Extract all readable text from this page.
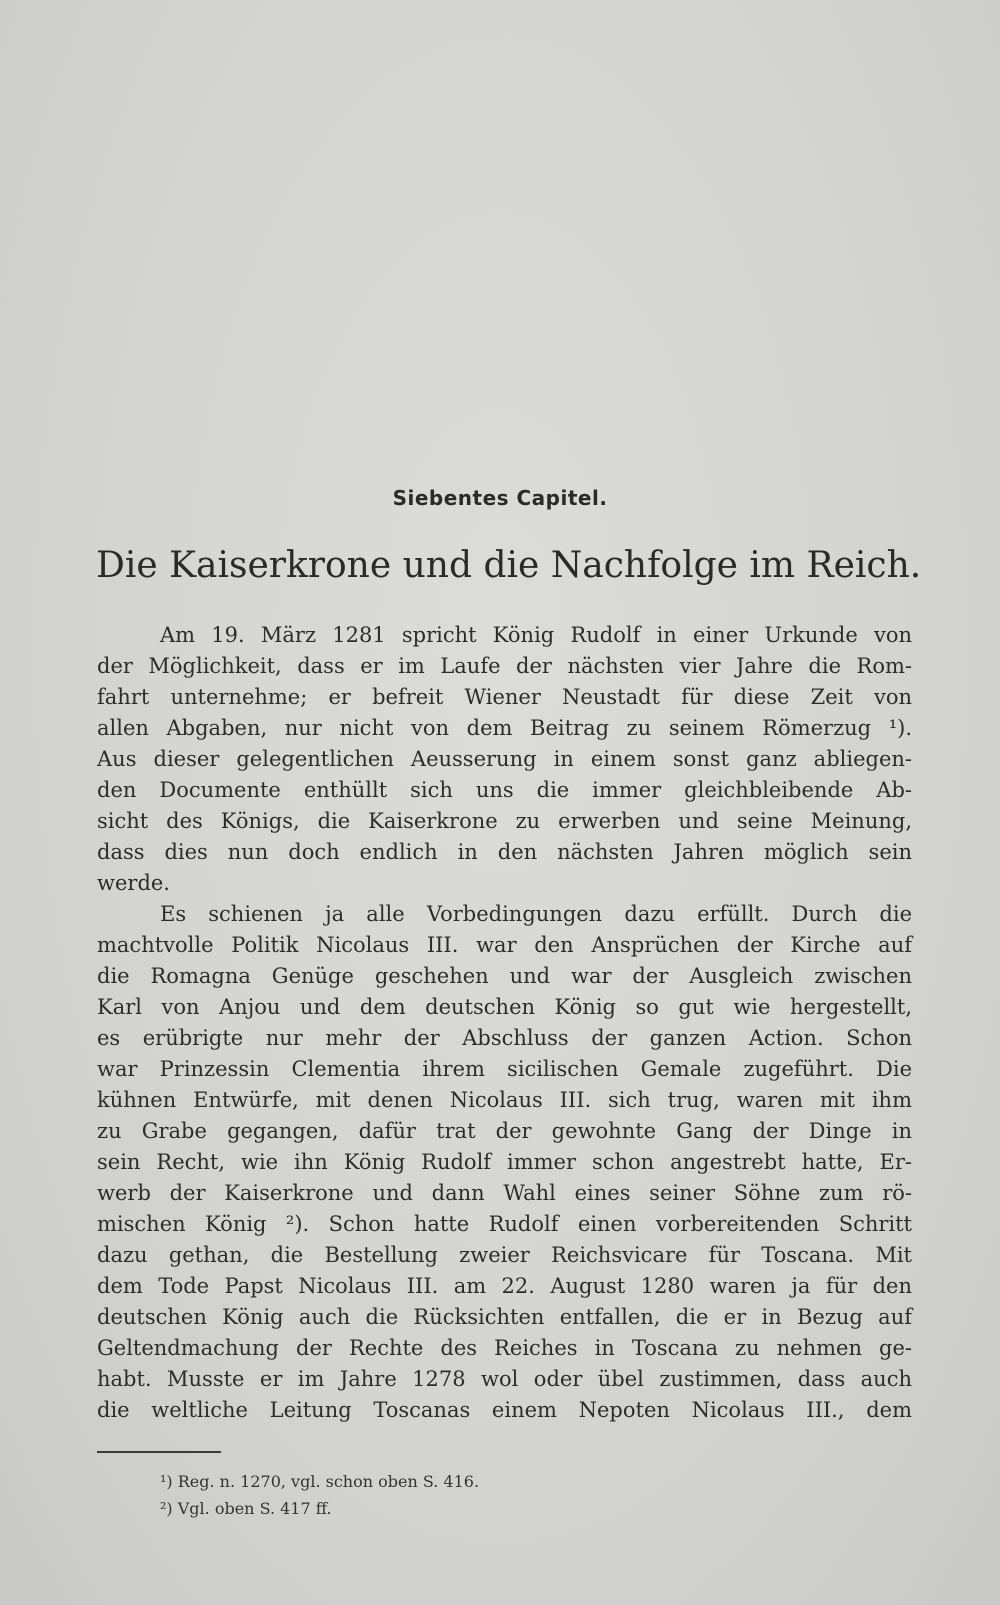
Siebentes Capitel.
Die Kaiserkrone und die Nachfolge im Reich.
Am 19. März 1281 spricht König Rudolf in einer Urkunde von
der Möglichkeit, dass er im Laufe der nächsten vier Jahre die Rom-
fahrt unternehme; er befreit Wiener Neustadt für diese Zeit von
allen Abgaben, nur nicht von dem Beitrag zu seinem Römerzug ¹).
Aus dieser gelegentlichen Aeusserung in einem sonst ganz abliegen-
den Documente enthüllt sich uns die immer gleichbleibende Ab-
sicht des Königs, die Kaiserkrone zu erwerben und seine Meinung,
dass dies nun doch endlich in den nächsten Jahren möglich sein
werde.
Es schienen ja alle Vorbedingungen dazu erfüllt. Durch die
machtvolle Politik Nicolaus III. war den Ansprüchen der Kirche auf
die Romagna Genüge geschehen und war der Ausgleich zwischen
Karl von Anjou und dem deutschen König so gut wie hergestellt,
es erübrigte nur mehr der Abschluss der ganzen Action. Schon
war Prinzessin Clementia ihrem sicilischen Gemale zugeführt. Die
kühnen Entwürfe, mit denen Nicolaus III. sich trug, waren mit ihm
zu Grabe gegangen, dafür trat der gewohnte Gang der Dinge in
sein Recht, wie ihn König Rudolf immer schon angestrebt hatte, Er-
werb der Kaiserkrone und dann Wahl eines seiner Söhne zum rö-
mischen König ²). Schon hatte Rudolf einen vorbereitenden Schritt
dazu gethan, die Bestellung zweier Reichsvicare für Toscana. Mit
dem Tode Papst Nicolaus III. am 22. August 1280 waren ja für den
deutschen König auch die Rücksichten entfallen, die er in Bezug auf
Geltendmachung der Rechte des Reiches in Toscana zu nehmen ge-
habt. Musste er im Jahre 1278 wol oder übel zustimmen, dass auch
die weltliche Leitung Toscanas einem Nepoten Nicolaus III., dem
¹) Reg. n. 1270, vgl. schon oben S. 416.
²) Vgl. oben S. 417 ff.
